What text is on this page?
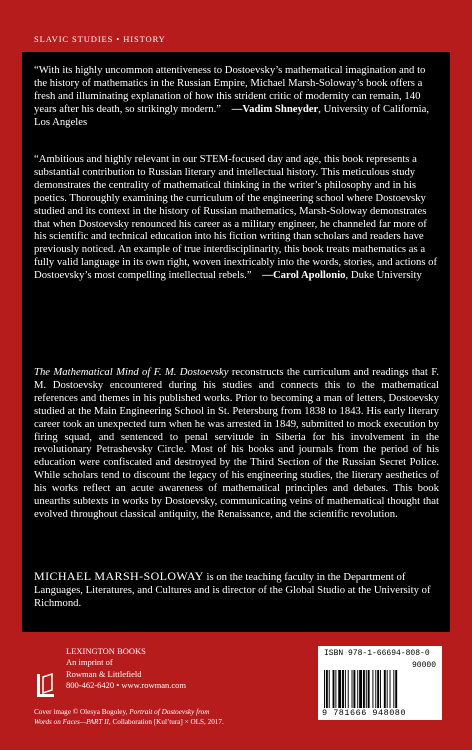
SLAVIC STUDIES • HISTORY

“With its highly uncommon attentiveness to Dostoevsky’s mathematical imagination and to the history of mathematics in the Russian Empire, Michael Marsh-Soloway’s book offers a fresh and illuminating explanation of how this strident critic of modernity can remain, 140 years after his death, so strikingly modern.” —Vadim Shneyder, University of California, Los Angeles

“Ambitious and highly relevant in our STEM-focused day and age, this book represents a substantial contribution to Russian literary and intellectual history. This meticulous study demonstrates the centrality of mathematical thinking in the writer’s philosophy and in his poetics. Thoroughly examining the curriculum of the engineering school where Dostoevsky studied and its context in the history of Russian mathematics, Marsh-Soloway demonstrates that when Dostoevsky renounced his career as a military engineer, he channeled far more of his scientific and technical education into his fiction writing than scholars and readers have previously noticed. An example of true interdisciplinarity, this book treats mathematics as a fully valid language in its own right, woven inextricably into the words, stories, and actions of Dostoevsky’s most compelling intellectual rebels.” —Carol Apollonio, Duke University

The Mathematical Mind of F. M. Dostoevsky reconstructs the curriculum and readings that F. M. Dostoevsky encountered during his studies and connects this to the mathematical references and themes in his published works. Prior to becoming a man of letters, Dostoevsky studied at the Main Engineering School in St. Petersburg from 1838 to 1843. His early literary career took an unexpected turn when he was arrested in 1849, submitted to mock execution by firing squad, and sentenced to penal servitude in Siberia for his involvement in the revolutionary Petrashevsky Circle. Most of his books and journals from the period of his education were confiscated and destroyed by the Third Section of the Russian Secret Police. While scholars tend to discount the legacy of his engineering studies, the literary aesthetics of his works reflect an acute awareness of mathematical principles and debates. This book unearths subtexts in works by Dostoevsky, communicating veins of mathematical thought that evolved throughout classical antiquity, the Renaissance, and the scientific revolution.

MICHAEL MARSH-SOLOWAY is on the teaching faculty in the Department of Languages, Literatures, and Cultures and is director of the Global Studio at the University of Richmond.

LEXINGTON BOOKS
An imprint of
Rowman & Littlefield
800-462-6420 • www.rowman.com
Cover image © Olesya Bogoley, Portrait of Dostoevsky from
Words on Faces—PART II, Collaboration [Kul’tura] × OLS, 2017.
ISBN 978-1-66694-808-0
90000
9 781666 948080
